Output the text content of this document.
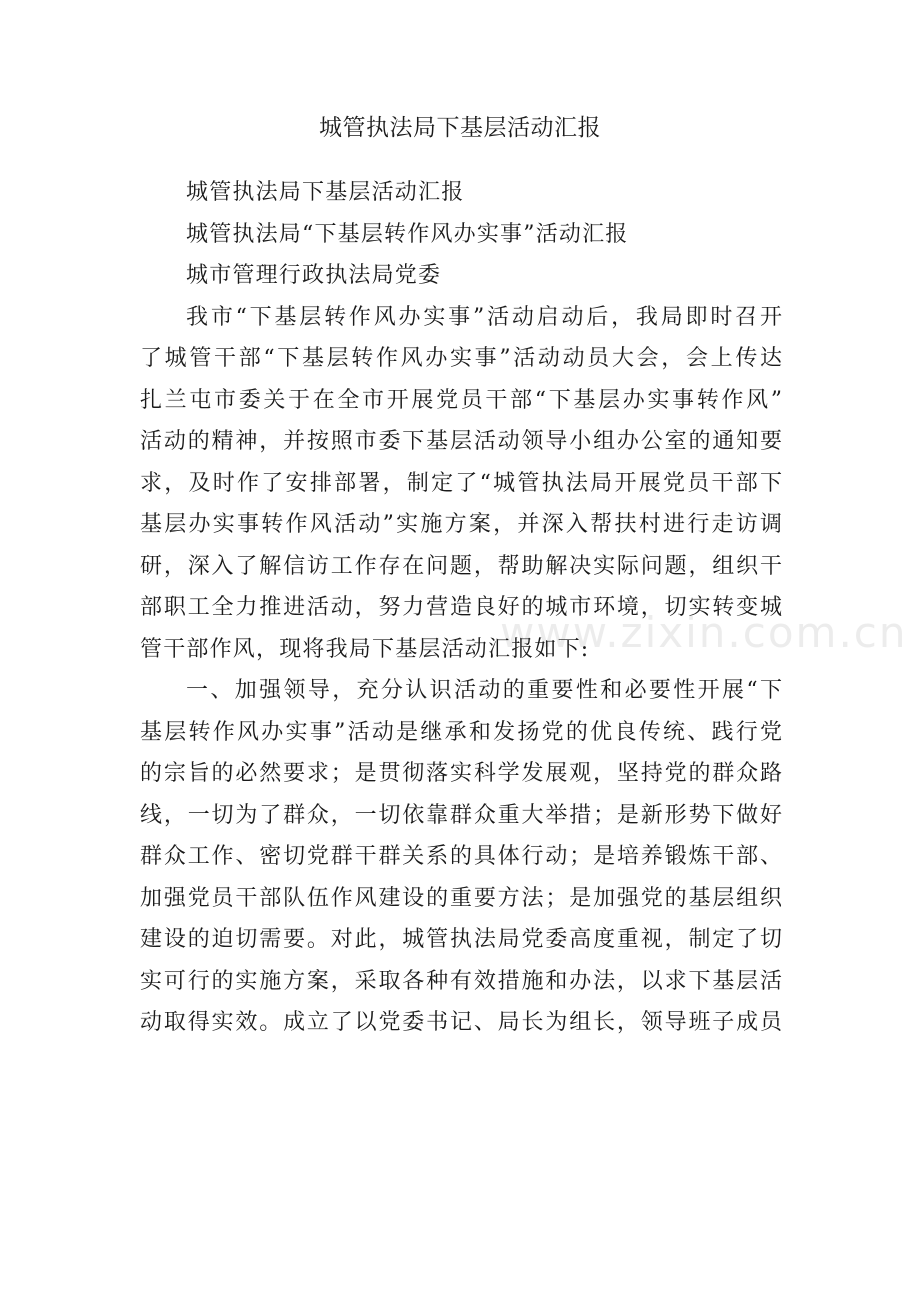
城管执法局下基层活动汇报
www.zixin.com.cn
城管执法局下基层活动汇报
城管执法局“下基层转作风办实事”活动汇报
城市管理行政执法局党委
我市“下基层转作风办实事”活动启动后，我局即时召开
了城管干部“下基层转作风办实事”活动动员大会，会上传达
扎兰屯市委关于在全市开展党员干部“下基层办实事转作风”
活动的精神，并按照市委下基层活动领导小组办公室的通知要
求，及时作了安排部署，制定了“城管执法局开展党员干部下
基层办实事转作风活动”实施方案，并深入帮扶村进行走访调
研，深入了解信访工作存在问题，帮助解决实际问题，组织干
部职工全力推进活动，努力营造良好的城市环境，切实转变城
管干部作风，现将我局下基层活动汇报如下:
一、加强领导，充分认识活动的重要性和必要性开展“下
基层转作风办实事”活动是继承和发扬党的优良传统、践行党
的宗旨的必然要求；是贯彻落实科学发展观，坚持党的群众路
线，一切为了群众，一切依靠群众重大举措；是新形势下做好
群众工作、密切党群干群关系的具体行动；是培养锻炼干部、
加强党员干部队伍作风建设的重要方法；是加强党的基层组织
建设的迫切需要。对此，城管执法局党委高度重视，制定了切
实可行的实施方案，采取各种有效措施和办法，以求下基层活
动取得实效。成立了以党委书记、局长为组长，领导班子成员
